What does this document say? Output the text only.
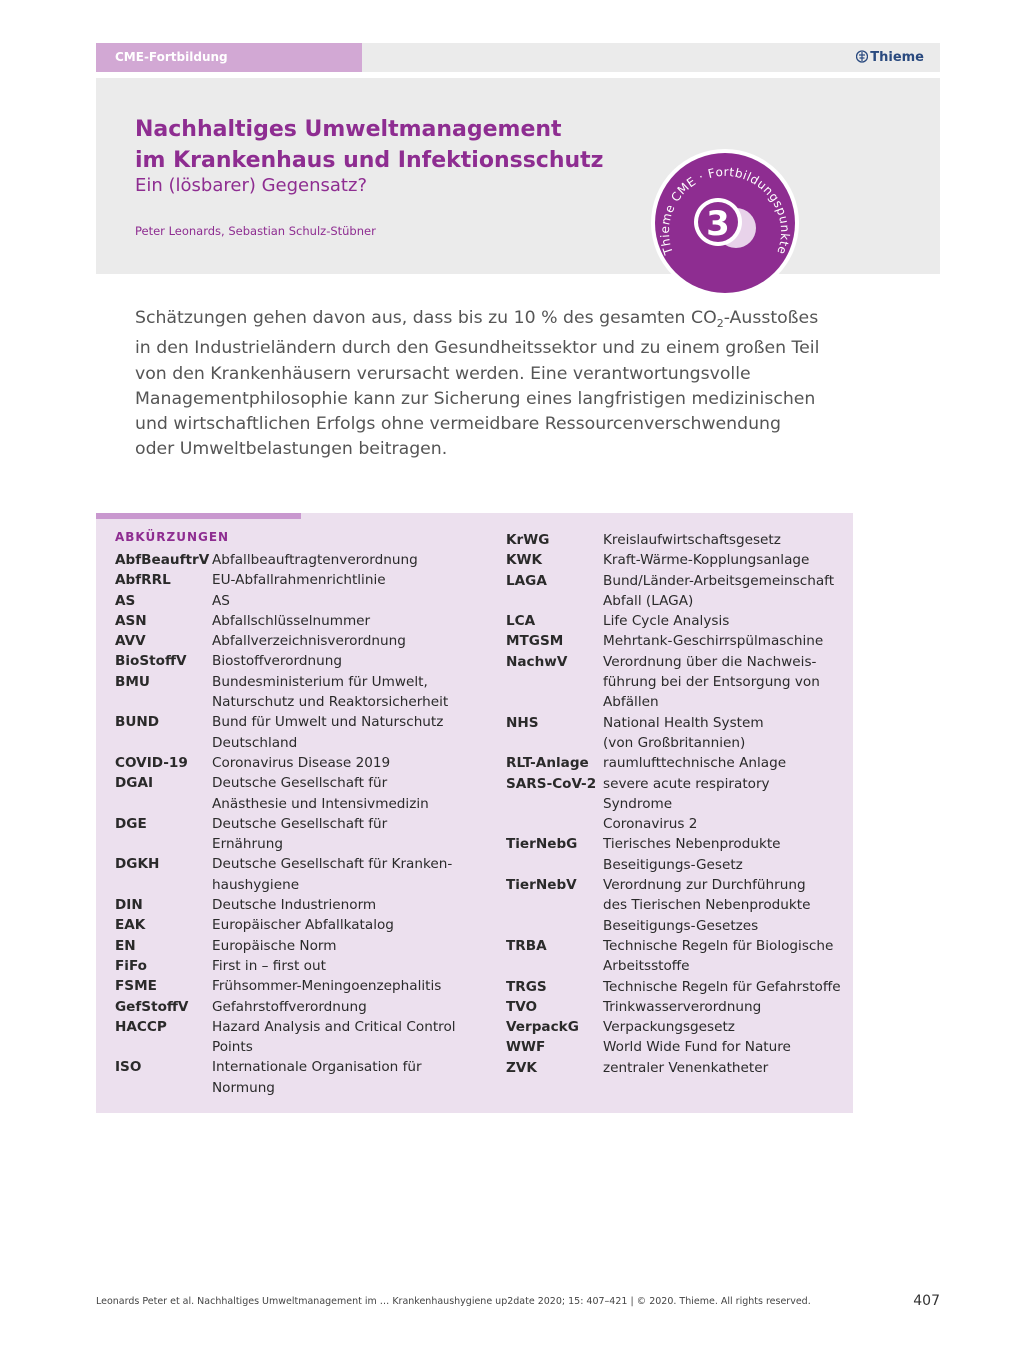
CME-Fortbildung	Thieme
Nachhaltiges Umweltmanagement
im Krankenhaus und Infektionsschutz
Ein (lösbarer) Gegensatz?
Peter Leonards, Sebastian Schulz-Stübner
Thieme CME · Fortbildungspunkte
3

Schätzungen gehen davon aus, dass bis zu 10 % des gesamten $CO_2$-Ausstoßes in den Industrieländern durch den Gesundheitssektor und zu einem großen Teil von den Krankenhäusern verursacht werden. Eine verantwortungsvolle Managementphilosophie kann zur Sicherung eines langfristigen medizinischen und wirtschaftlichen Erfolgs ohne vermeidbare Ressourcenverschwendung oder Umweltbelastungen beitragen.

ABKÜRZUNGEN
AbfBeauftrV Abfallbeauftragtenverordnung
AbfRRL	EU-Abfallrahmenrichtlinie
AS	AS
ASN	Abfallschlüsselnummer
AVV	Abfallverzeichnisverordnung
BioStoffV	Biostoffverordnung
BMU	Bundesministerium für Umwelt,
Naturschutz und Reaktorsicherheit
BUND	Bund für Umwelt und Naturschutz
Deutschland
COVID-19	Coronavirus Disease 2019
DGAI	Deutsche Gesellschaft für
Anästhesie und Intensivmedizin
DGE	Deutsche Gesellschaft für
Ernährung
DGKH	Deutsche Gesellschaft für Kranken-
haushygiene
DIN	Deutsche Industrienorm
EAK	Europäischer Abfallkatalog
EN	Europäische Norm
FiFo	First in – first out
FSME	Frühsommer-Meningoenzephalitis
GefStoffV	Gefahrstoffverordnung
HACCP	Hazard Analysis and Critical Control
Points
ISO	Internationale Organisation für
Normung
KrWG	Kreislaufwirtschaftsgesetz
KWK	Kraft-Wärme-Kopplungsanlage
LAGA	Bund/Länder-Arbeitsgemeinschaft
Abfall (LAGA)
LCA	Life Cycle Analysis
MTGSM	Mehrtank-Geschirrspülmaschine
NachwV	Verordnung über die Nachweis-
führung bei der Entsorgung von
Abfällen
NHS	National Health System
(von Großbritannien)
RLT-Anlage	raumlufttechnische Anlage
SARS-CoV-2 severe acute respiratory Syndrome
Coronavirus 2
TierNebG	Tierisches Nebenprodukte
Beseitigungs-Gesetz
TierNebV	Verordnung zur Durchführung
des Tierischen Nebenprodukte
Beseitigungs-Gesetzes
TRBA	Technische Regeln für Biologische
Arbeitsstoffe
TRGS	Technische Regeln für Gefahrstoffe
TVO	Trinkwasserverordnung
VerpackG	Verpackungsgesetz
WWF	World Wide Fund for Nature
ZVK	zentraler Venenkatheter
Leonards Peter et al. Nachhaltiges Umweltmanagement im … Krankenhaushygiene up2date 2020; 15: 407–421 | © 2020. Thieme. All rights reserved.	407
